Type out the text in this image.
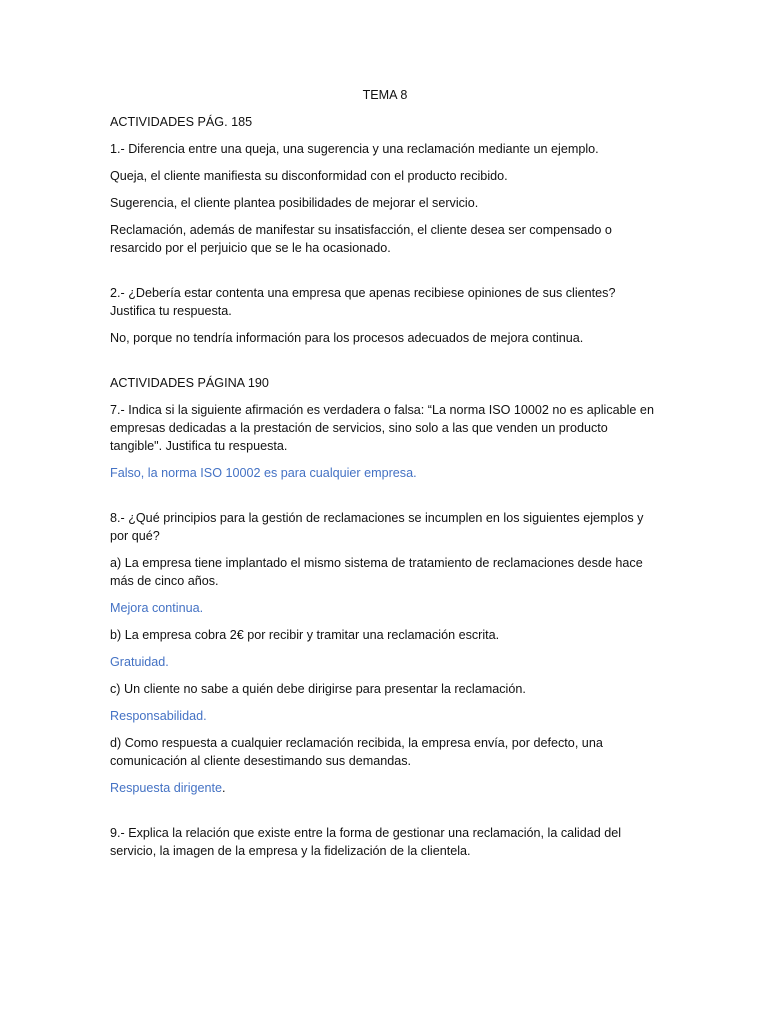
TEMA 8

ACTIVIDADES PÁG. 185

1.- Diferencia entre una queja, una sugerencia y una reclamación mediante un ejemplo.

Queja, el cliente manifiesta su disconformidad con el producto recibido.

Sugerencia, el cliente plantea posibilidades de mejorar el servicio.

Reclamación, además de manifestar su insatisfacción, el cliente desea ser compensado o resarcido por el perjuicio que se le ha ocasionado.

2.- ¿Debería estar contenta una empresa que apenas recibiese opiniones de sus clientes? Justifica tu respuesta.

No, porque no tendría información para los procesos adecuados de mejora continua.

ACTIVIDADES PÁGINA 190

7.- Indica si la siguiente afirmación es verdadera o falsa: “La norma ISO 10002 no es aplicable en empresas dedicadas a la prestación de servicios, sino solo a las que venden un producto tangible". Justifica tu respuesta.

Falso, la norma ISO 10002 es para cualquier empresa.

8.- ¿Qué principios para la gestión de reclamaciones se incumplen en los siguientes ejemplos y por qué?

a) La empresa tiene implantado el mismo sistema de tratamiento de reclamaciones desde hace más de cinco años.

Mejora continua.

b) La empresa cobra 2€ por recibir y tramitar una reclamación escrita.

Gratuidad.

c) Un cliente no sabe a quién debe dirigirse para presentar la reclamación.

Responsabilidad.

d) Como respuesta a cualquier reclamación recibida, la empresa envía, por defecto, una comunicación al cliente desestimando sus demandas.

Respuesta dirigente.

9.- Explica la relación que existe entre la forma de gestionar una reclamación, la calidad del servicio, la imagen de la empresa y la fidelización de la clientela.
